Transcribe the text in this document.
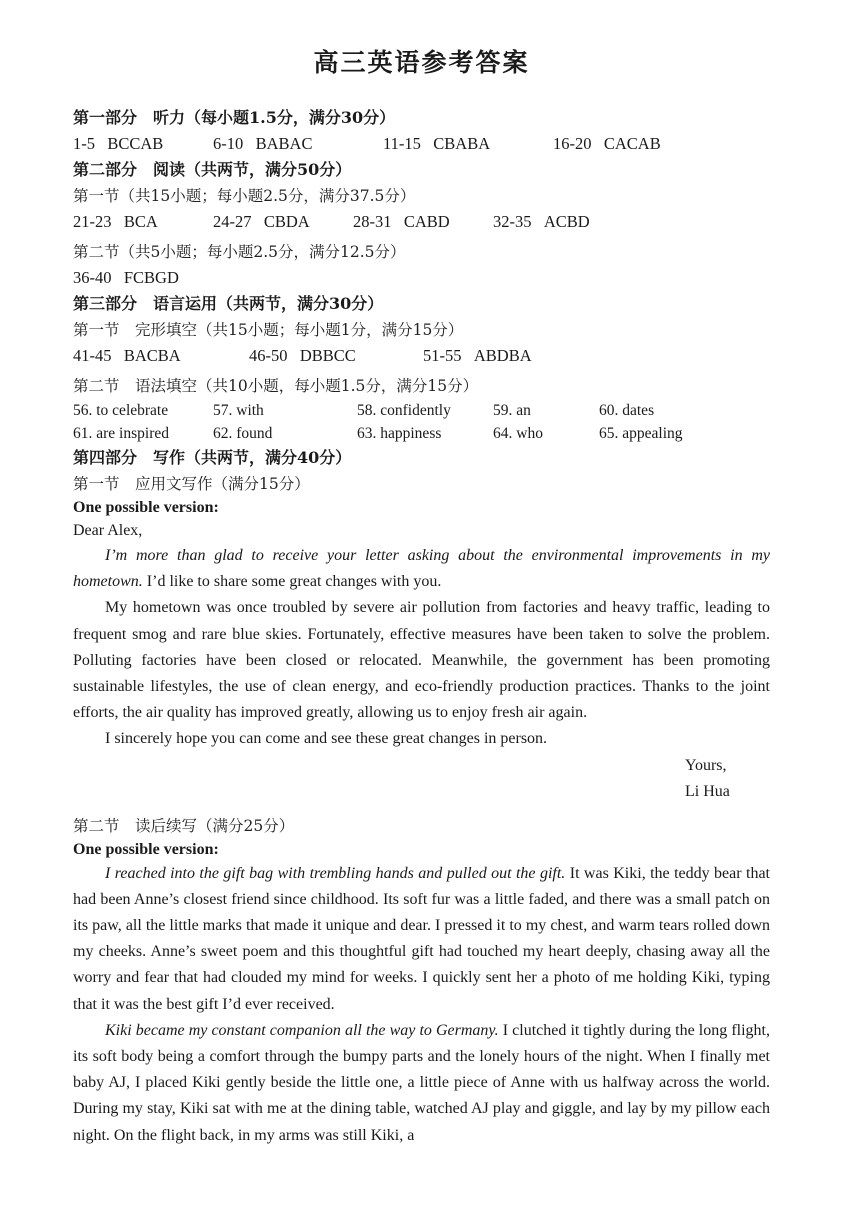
高三英语参考答案
第一部分　听力（每小题1.5分，满分30分）
1-5 BCCAB	6-10 BABAC	11-15 CBABA	16-20 CACAB
第二部分　阅读（共两节，满分50分）
第一节（共15小题；每小题2.5分，满分37.5分）
21-23 BCA	24-27 CBDA	28-31 CABD	32-35 ACBD
第二节（共5小题；每小题2.5分，满分12.5分）
36-40 FCBGD
第三部分　语言运用（共两节，满分30分）
第一节　完形填空（共15小题；每小题1分，满分15分）
41-45 BACBA	46-50 DBBCC	51-55 ABDBA
第二节　语法填空（共10小题，每小题1.5分，满分15分）
56. to celebrate	57. with	58. confidently	59. an	60. dates
61. are inspired	62. found	63. happiness	64. who	65. appealing
第四部分　写作（共两节，满分40分）
第一节　应用文写作（满分15分）
One possible version:
Dear Alex,

I’m more than glad to receive your letter asking about the environmental improvements in my hometown. I’d like to share some great changes with you.

My hometown was once troubled by severe air pollution from factories and heavy traffic, leading to frequent smog and rare blue skies. Fortunately, effective measures have been taken to solve the problem. Polluting factories have been closed or relocated. Meanwhile, the government has been promoting sustainable lifestyles, the use of clean energy, and eco-friendly production practices. Thanks to the joint efforts, the air quality has improved greatly, allowing us to enjoy fresh air again.

I sincerely hope you can come and see these great changes in person.

Yours,
Li Hua
第二节　读后续写（满分25分）
One possible version:

I reached into the gift bag with trembling hands and pulled out the gift. It was Kiki, the teddy bear that had been Anne’s closest friend since childhood. Its soft fur was a little faded, and there was a small patch on its paw, all the little marks that made it unique and dear. I pressed it to my chest, and warm tears rolled down my cheeks. Anne’s sweet poem and this thoughtful gift had touched my heart deeply, chasing away all the worry and fear that had clouded my mind for weeks. I quickly sent her a photo of me holding Kiki, typing that it was the best gift I’d ever received.

Kiki became my constant companion all the way to Germany. I clutched it tightly during the long flight, its soft body being a comfort through the bumpy parts and the lonely hours of the night. When I finally met baby AJ, I placed Kiki gently beside the little one, a little piece of Anne with us halfway across the world. During my stay, Kiki sat with me at the dining table, watched AJ play and giggle, and lay by my pillow each night. On the flight back, in my arms was still Kiki, a
